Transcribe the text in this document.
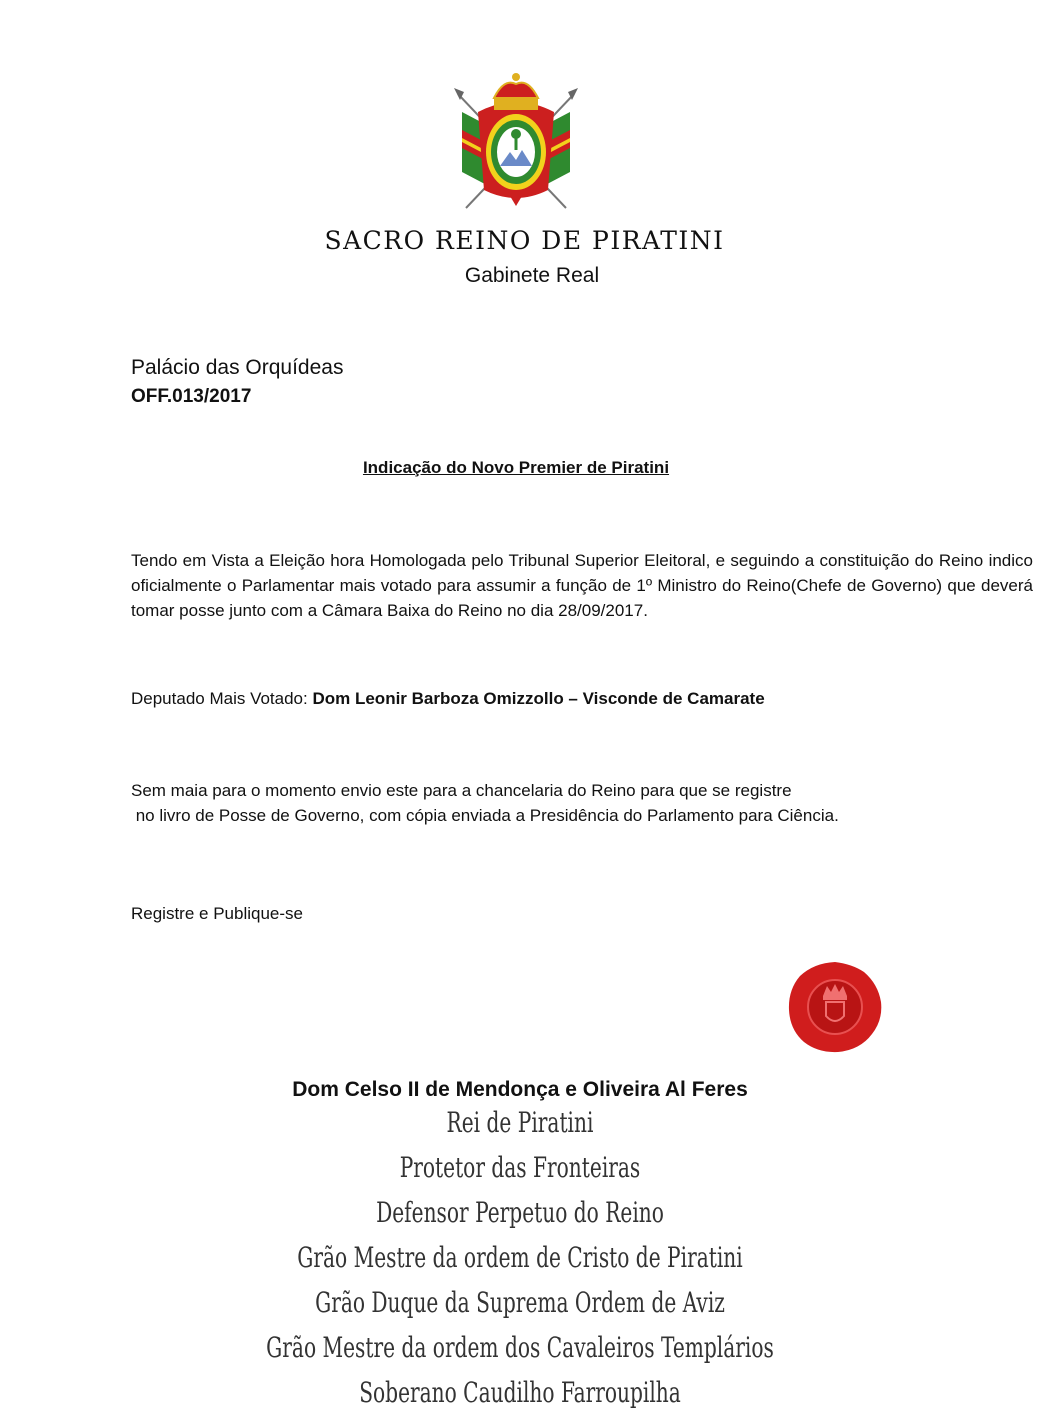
SACRO REINO DE PIRATINI
Gabinete Real
Palácio das Orquídeas
OFF.013/2017
Indicação do Novo Premier de Piratini
Tendo em Vista a Eleição hora Homologada pelo Tribunal Superior Eleitoral, e seguindo a constituição do Reino indico oficialmente o Parlamentar mais votado para assumir a função de 1º Ministro do Reino(Chefe de Governo) que deverá tomar posse junto com a Câmara Baixa do Reino no dia 28/09/2017.
Deputado Mais Votado: Dom Leonir Barboza Omizzollo – Visconde de Camarate
Sem maia para o momento envio este para a chancelaria do Reino para que se registre
no livro de Posse de Governo, com cópia enviada a Presidência do Parlamento para Ciência.
Registre e Publique-se
Dom Celso II de Mendonça e Oliveira Al Feres
Rei de Piratini
Protetor das Fronteiras
Defensor Perpetuo do Reino
Grão Mestre da ordem de Cristo de Piratini
Grão Duque da Suprema Ordem de Aviz
Grão Mestre da ordem dos Cavaleiros Templários
Soberano Caudilho Farroupilha
